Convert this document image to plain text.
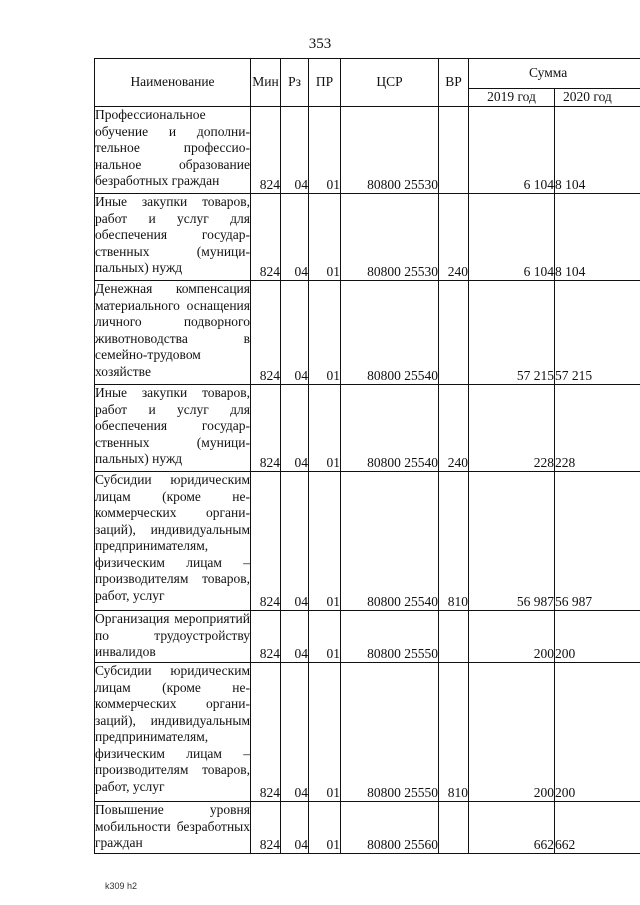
353
Наименование	Мин	Рз	ПР	ЦСР	ВР	Сумма	
						2019 год	2020 год
Профессиональное обучение и дополнительное профессиональное образование безработных граждан	824	04	01	80800 25530		6 104	8 104
Иные закупки товаров, работ и услуг для обеспечения государственных (муниципальных) нужд	824	04	01	80800 25530	240	6 104	8 104
Денежная компенсация материального оснащения личного подворного животноводства в семейно-трудовом хозяйстве	824	04	01	80800 25540		57 215	57 215
Иные закупки товаров, работ и услуг для обеспечения государственных (муниципальных) нужд	824	04	01	80800 25540	240	228	228
Субсидии юридическим лицам (кроме некоммерческих организаций), индивидуальным предпринимателям, физическим лицам – производителям товаров, работ, услуг	824	04	01	80800 25540	810	56 987	56 987
Организация мероприятий по трудоустройству инвалидов	824	04	01	80800 25550		200	200
Субсидии юридическим лицам (кроме некоммерческих организаций), индивидуальным предпринимателям, физическим лицам – производителям товаров, работ, услуг	824	04	01	80800 25550	810	200	200
Повышение уровня мобильности безработных граждан	824	04	01	80800 25560		662	662
k309 h2
